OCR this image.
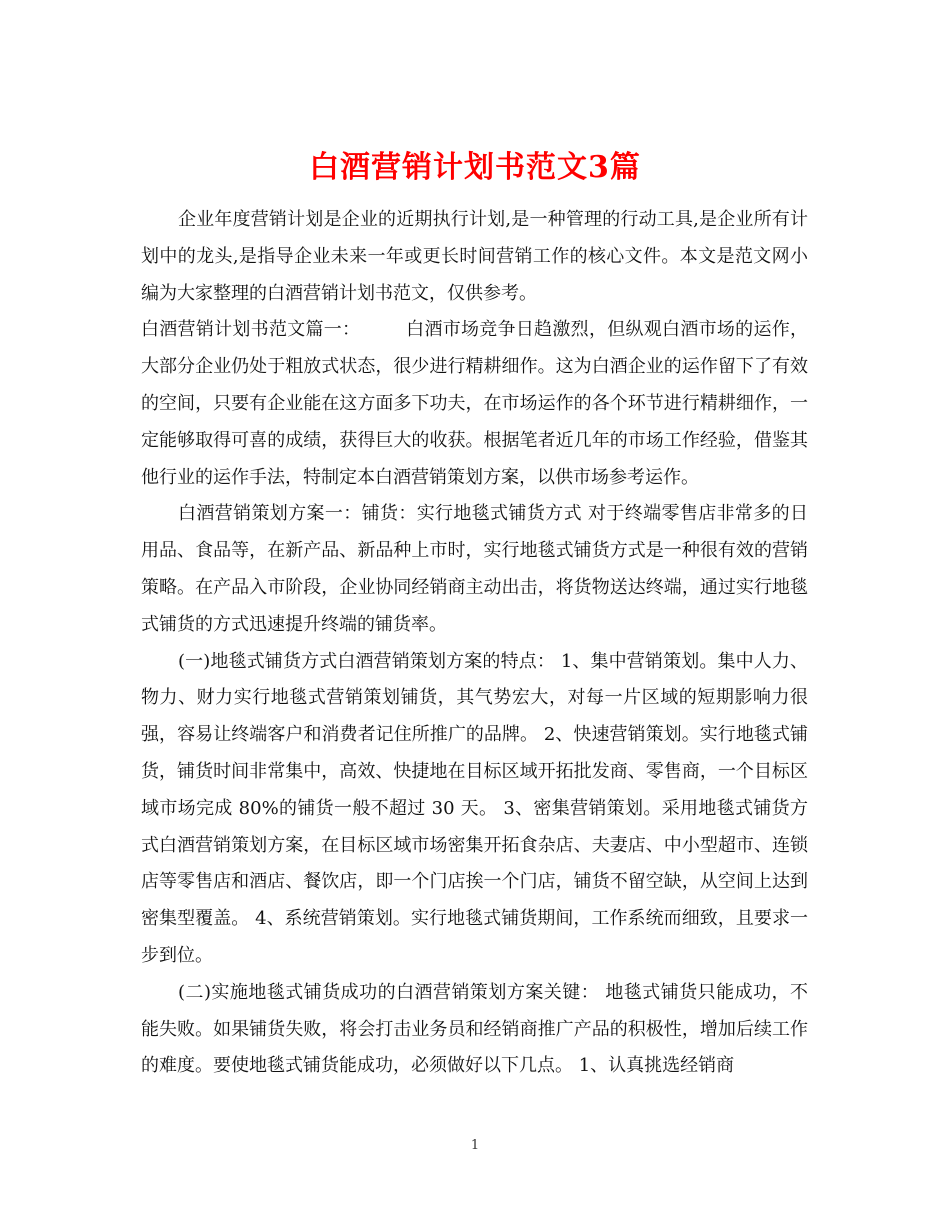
白酒营销计划书范文3篇

企业年度营销计划是企业的近期执行计划,是一种管理的行动工具,是企业所有计划中的龙头,是指导企业未来一年或更长时间营销工作的核心文件。本文是范文网小编为大家整理的白酒营销计划书范文，仅供参考。

白酒营销计划书范文篇一：　　　白酒市场竞争日趋激烈，但纵观白酒市场的运作，大部分企业仍处于粗放式状态，很少进行精耕细作。这为白酒企业的运作留下了有效的空间，只要有企业能在这方面多下功夫，在市场运作的各个环节进行精耕细作，一定能够取得可喜的成绩，获得巨大的收获。根据笔者近几年的市场工作经验，借鉴其他行业的运作手法，特制定本白酒营销策划方案，以供市场参考运作。

白酒营销策划方案一：铺货：实行地毯式铺货方式 对于终端零售店非常多的日用品、食品等，在新产品、新品种上市时，实行地毯式铺货方式是一种很有效的营销策略。在产品入市阶段，企业协同经销商主动出击，将货物送达终端，通过实行地毯式铺货的方式迅速提升终端的铺货率。

(一)地毯式铺货方式白酒营销策划方案的特点： 1、集中营销策划。集中人力、物力、财力实行地毯式营销策划铺货，其气势宏大，对每一片区域的短期影响力很强，容易让终端客户和消费者记住所推广的品牌。 2、快速营销策划。实行地毯式铺货，铺货时间非常集中，高效、快捷地在目标区域开拓批发商、零售商，一个目标区域市场完成 80%的铺货一般不超过 30 天。 3、密集营销策划。采用地毯式铺货方式白酒营销策划方案，在目标区域市场密集开拓食杂店、夫妻店、中小型超市、连锁店等零售店和酒店、餐饮店，即一个门店挨一个门店，铺货不留空缺，从空间上达到密集型覆盖。 4、系统营销策划。实行地毯式铺货期间，工作系统而细致，且要求一步到位。

(二)实施地毯式铺货成功的白酒营销策划方案关键： 地毯式铺货只能成功，不能失败。如果铺货失败，将会打击业务员和经销商推广产品的积极性，增加后续工作的难度。要使地毯式铺货能成功，必须做好以下几点。 1、认真挑选经销商

1
